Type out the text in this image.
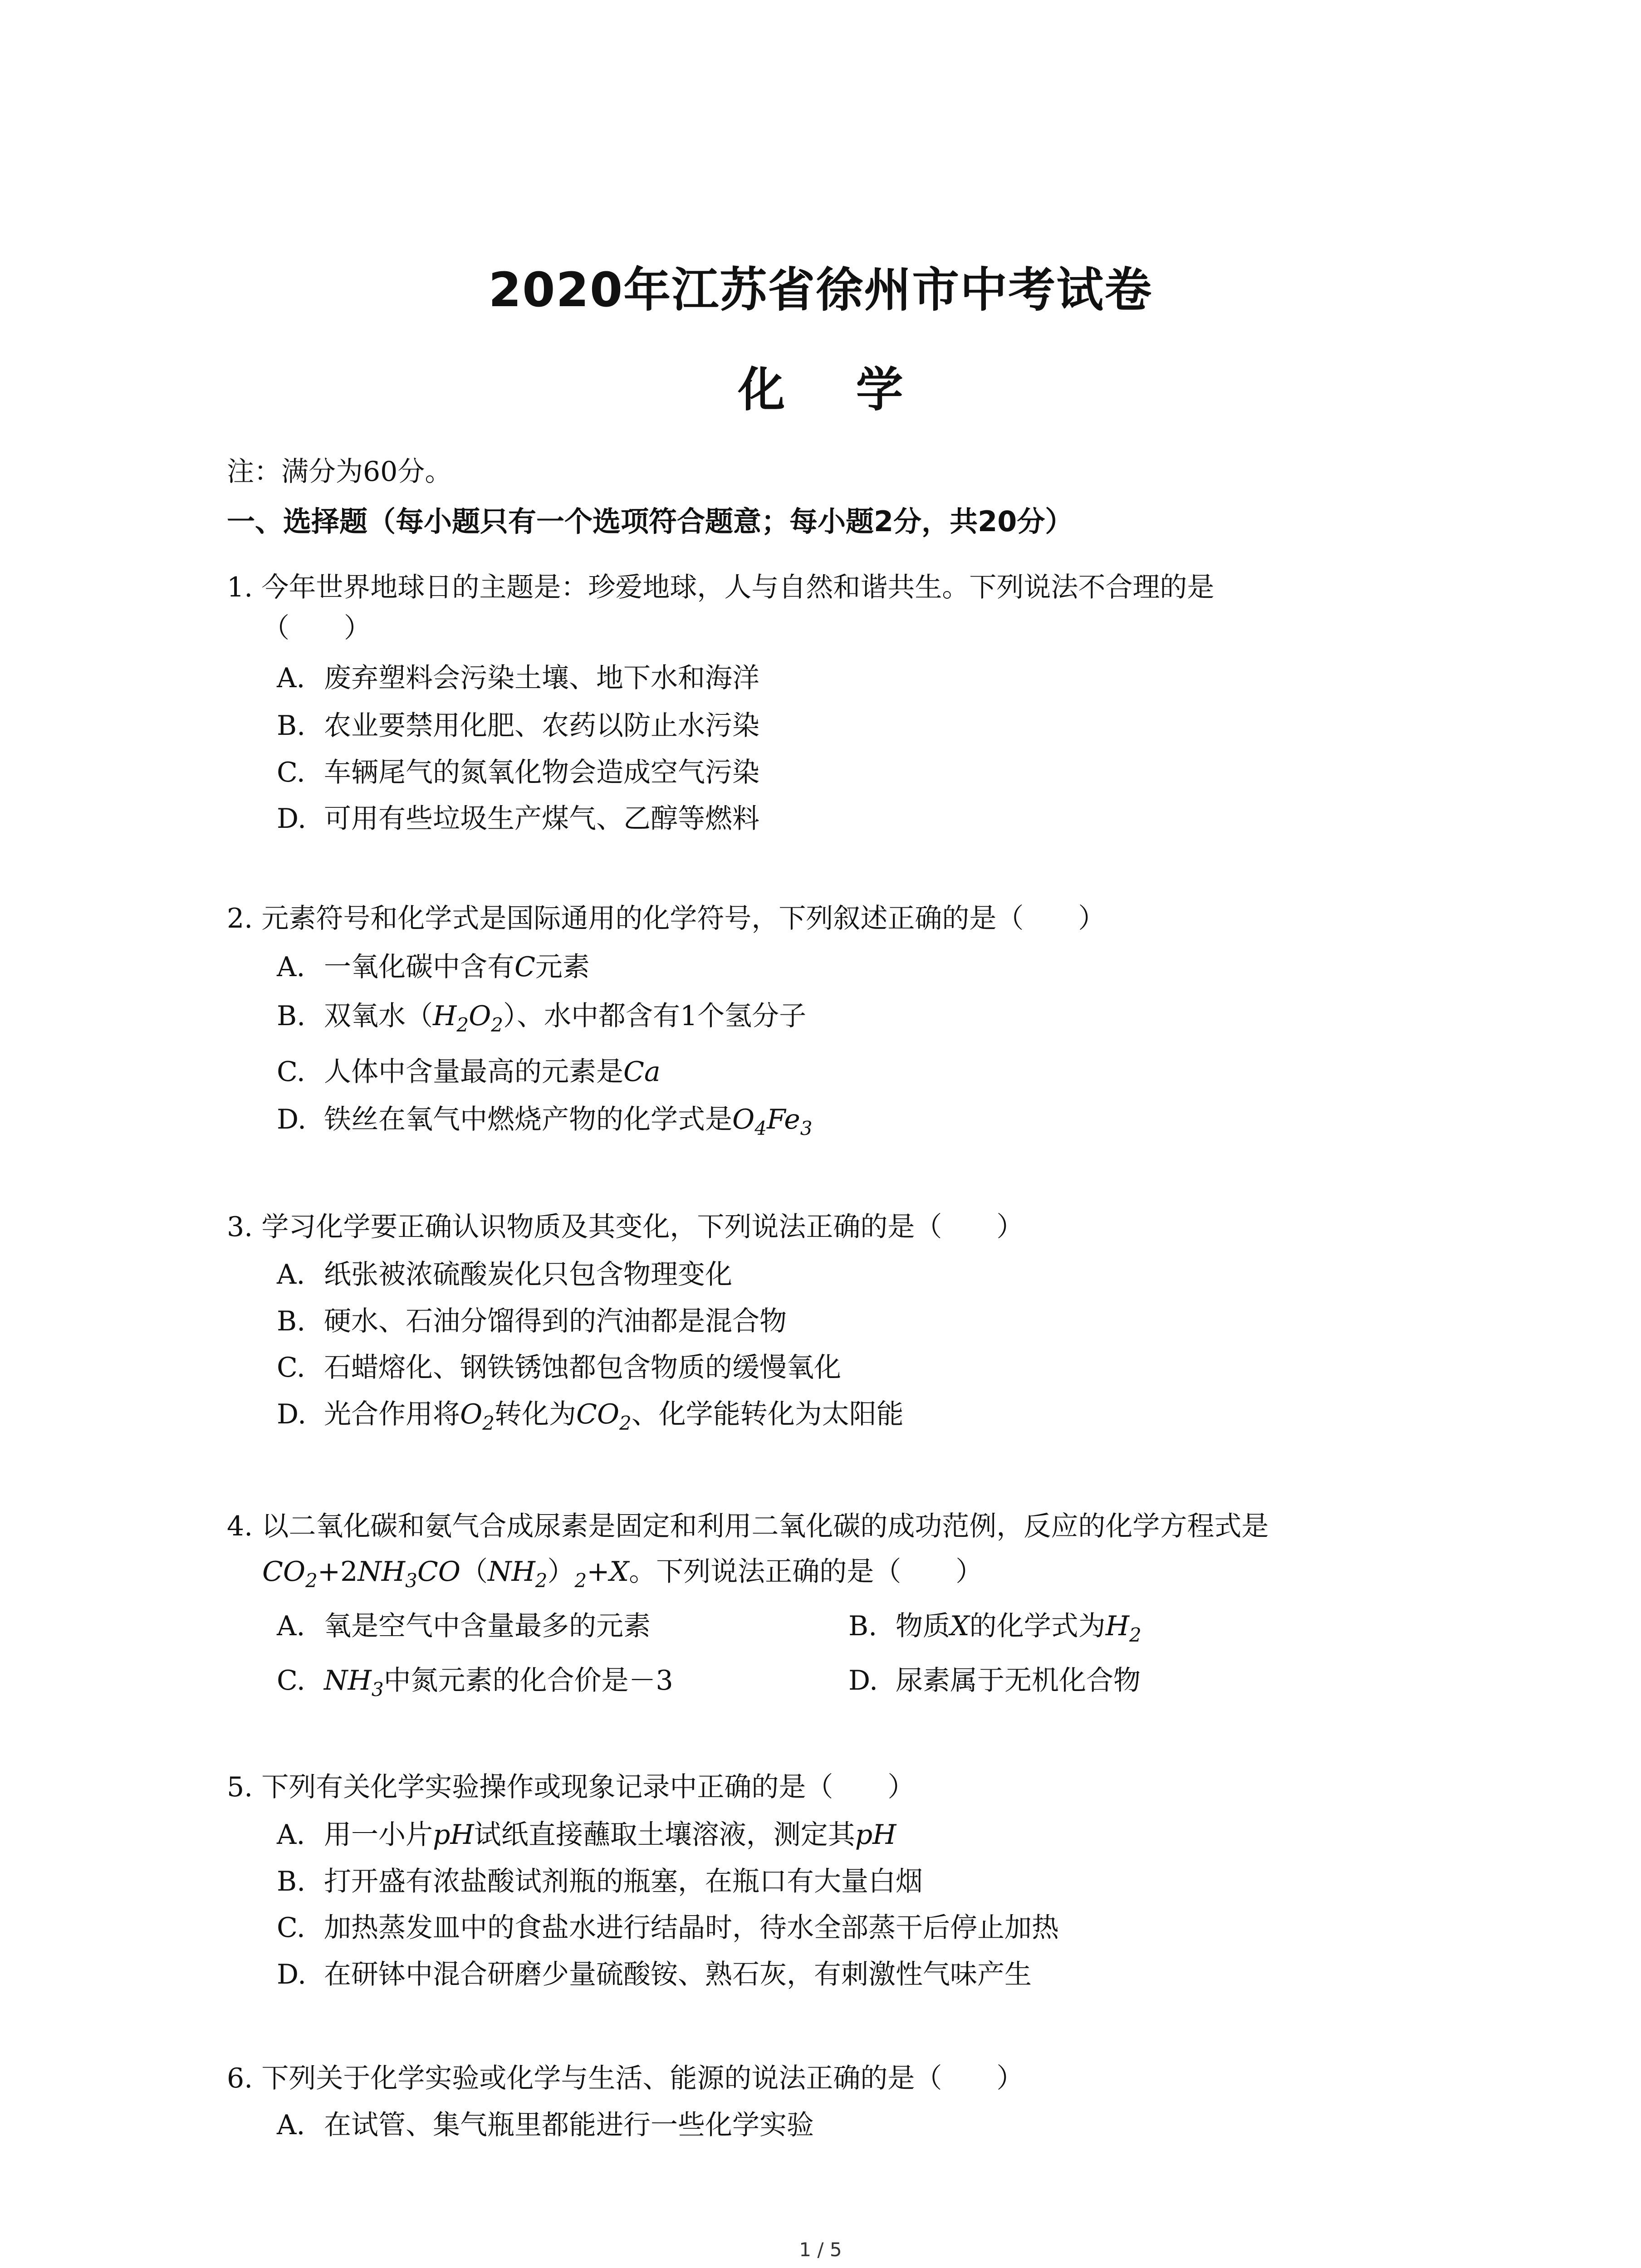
2020年江苏省徐州市中考试卷
化 学
注：满分为60分。
一、选择题（每小题只有一个选项符合题意；每小题2分，共20分）
1. 今年世界地球日的主题是：珍爱地球，人与自然和谐共生。下列说法不合理的是
（　　）
A. 废弃塑料会污染土壤、地下水和海洋
B. 农业要禁用化肥、农药以防止水污染
C. 车辆尾气的氮氧化物会造成空气污染
D. 可用有些垃圾生产煤气、乙醇等燃料
2. 元素符号和化学式是国际通用的化学符号，下列叙述正确的是（　　）
A. 一氧化碳中含有C元素
B. 双氧水$(H_2O_2)$、水中都含有1个氢分子
C. 人体中含量最高的元素是Ca
D. 铁丝在氧气中燃烧产物的化学式是$O_4Fe_3$
3. 学习化学要正确认识物质及其变化，下列说法正确的是（　　）
A. 纸张被浓硫酸炭化只包含物理变化
B. 硬水、石油分馏得到的汽油都是混合物
C. 石蜡熔化、钢铁锈蚀都包含物质的缓慢氧化
D. 光合作用将$O_2$转化为$CO_2$、化学能转化为太阳能
4. 以二氧化碳和氨气合成尿素是固定和利用二氧化碳的成功范例，反应的化学方程式是
$CO_2+2NH_3CO(NH_2)_2+X$。下列说法正确的是（　　）
A. 氧是空气中含量最多的元素	B. 物质X的化学式为$H_2$
C. $NH_3$中氮元素的化合价是－3	D. 尿素属于无机化合物
5. 下列有关化学实验操作或现象记录中正确的是（　　）
A. 用一小片pH试纸直接蘸取土壤溶液，测定其pH
B. 打开盛有浓盐酸试剂瓶的瓶塞，在瓶口有大量白烟
C. 加热蒸发皿中的食盐水进行结晶时，待水全部蒸干后停止加热
D. 在研钵中混合研磨少量硫酸铵、熟石灰，有刺激性气味产生
6. 下列关于化学实验或化学与生活、能源的说法正确的是（　　）
A. 在试管、集气瓶里都能进行一些化学实验
1 / 5
